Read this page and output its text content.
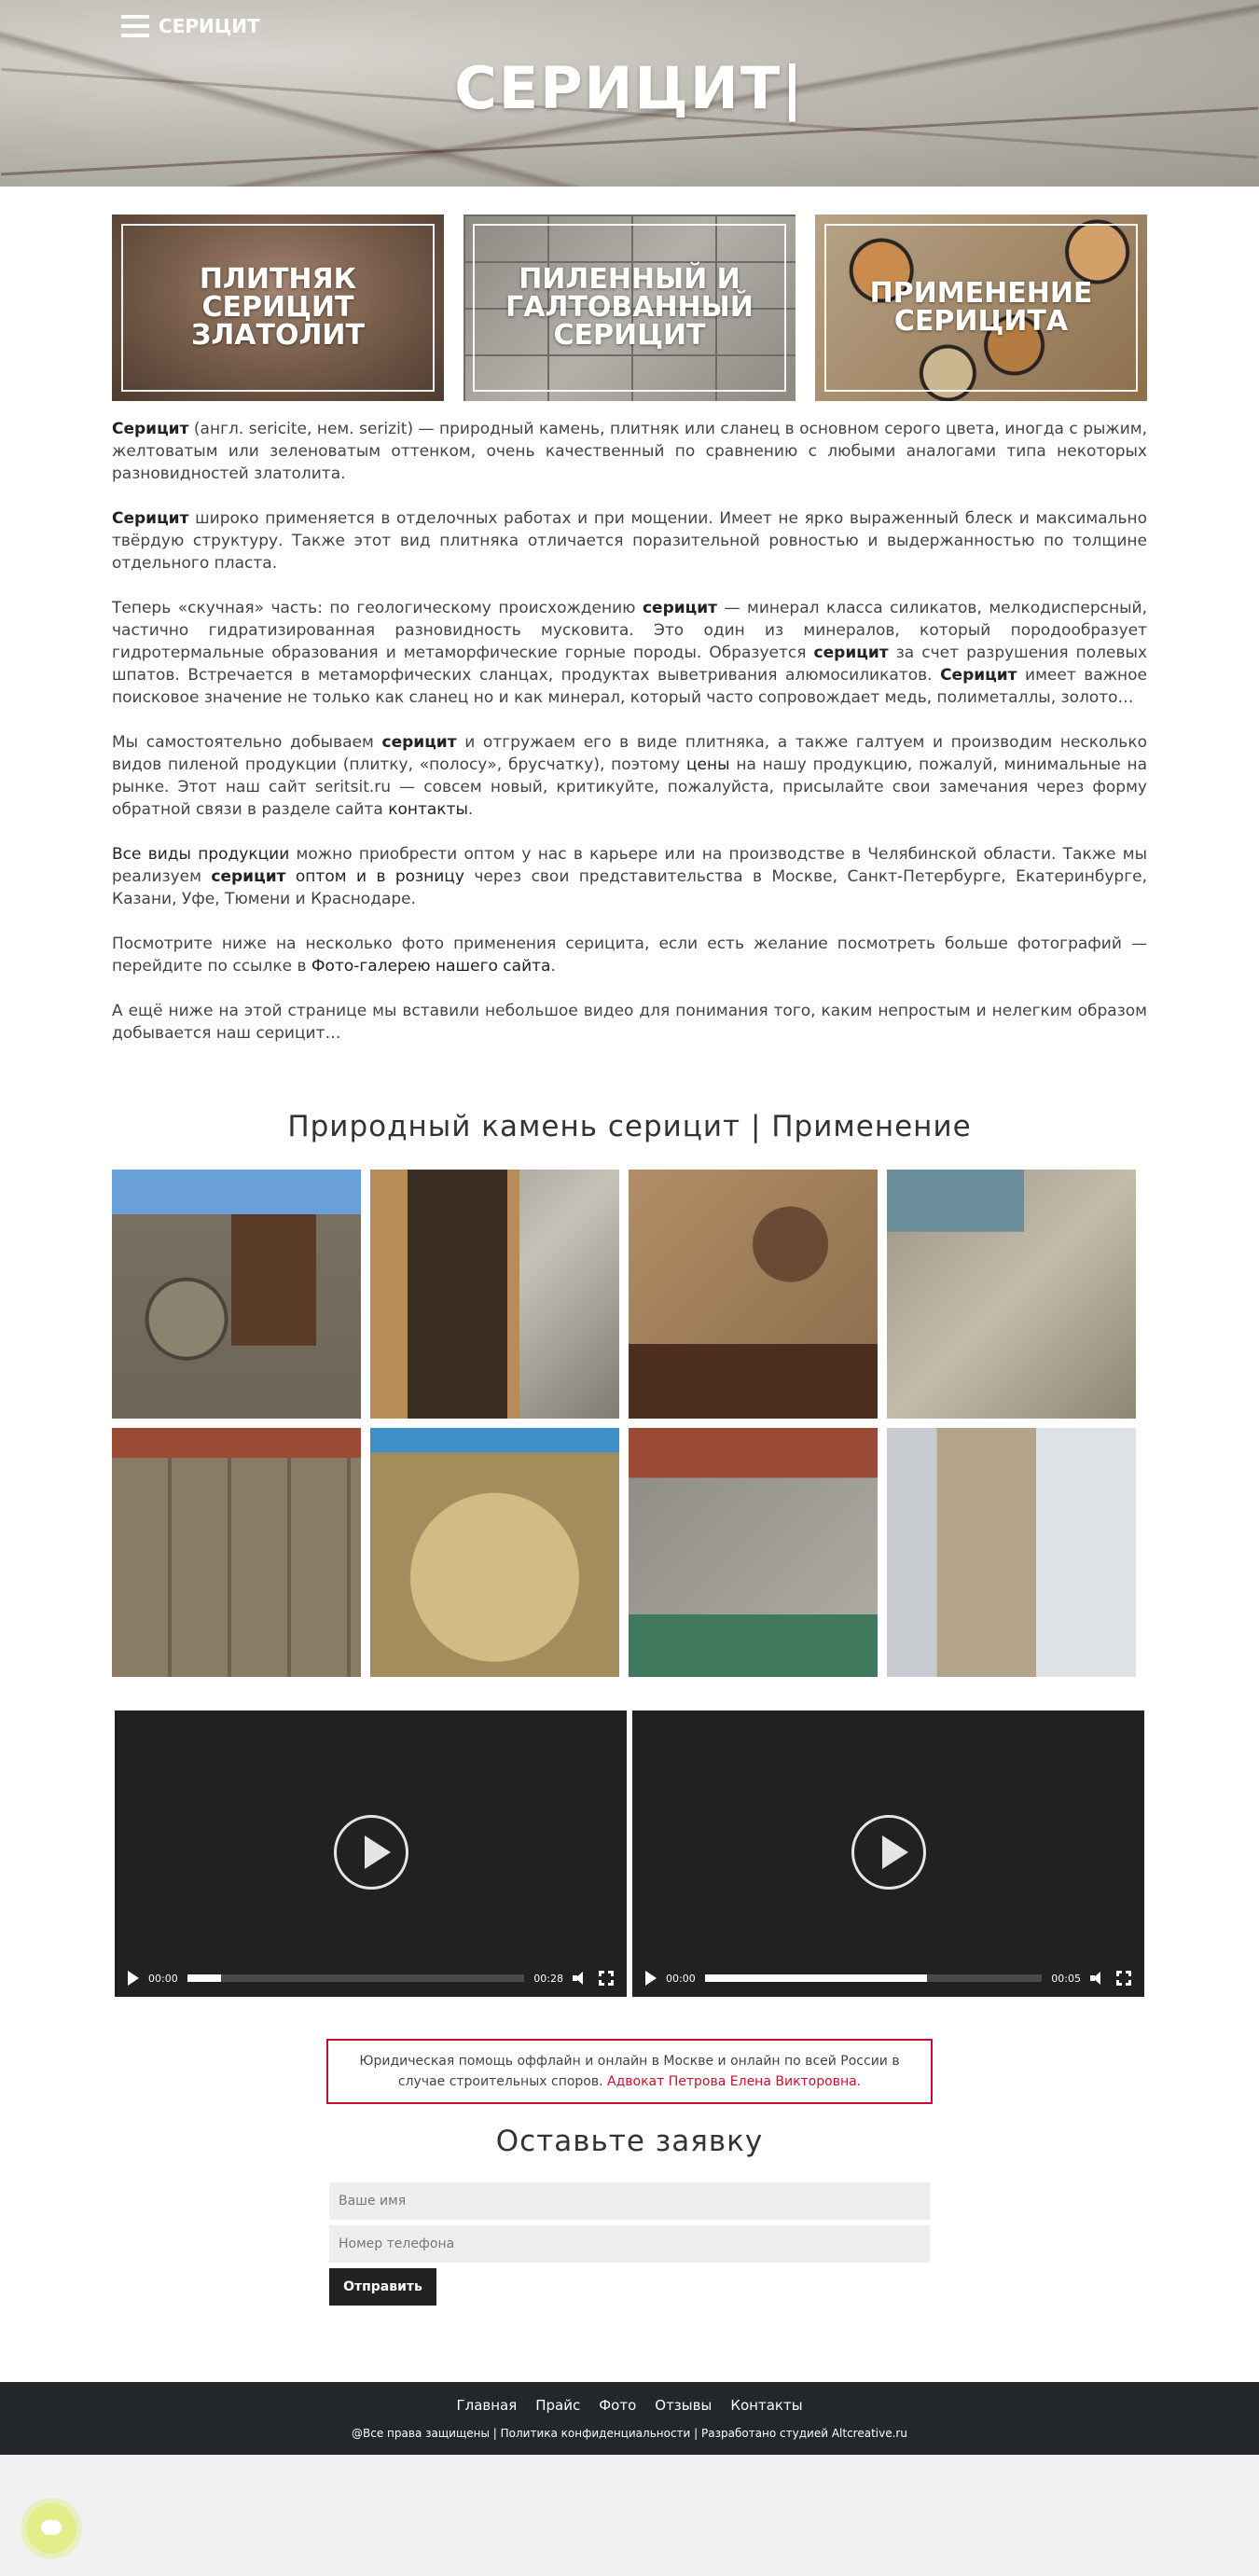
СЕРИЦИТ
СЕРИЦИТ|
ПЛИТНЯК СЕРИЦИТ ЗЛАТОЛИТ
ПИЛЕННЫЙ И ГАЛТОВАННЫЙ СЕРИЦИТ
ПРИМЕНЕНИЕ СЕРИЦИТА

Серицит (англ. sericite, нем. serizit) — природный камень, плитняк или сланец в основном серого цвета, иногда с рыжим, желтоватым или зеленоватым оттенком, очень качественный по сравнению с любыми аналогами типа некоторых разновидностей златолита.

Серицит широко применяется в отделочных работах и при мощении. Имеет не ярко выраженный блеск и максимально твёрдую структуру. Также этот вид плитняка отличается поразительной ровностью и выдержанностью по толщине отдельного пласта.

Теперь «скучная» часть: по геологическому происхождению серицит — минерал класса силикатов, мелкодисперсный, частично гидратизированная разновидность мусковита. Это один из минералов, который породообразует гидротермальные образования и метаморфические горные породы. Образуется серицит за счет разрушения полевых шпатов. Встречается в метаморфических сланцах, продуктах выветривания алюмосиликатов. Серицит имеет важное поисковое значение не только как сланец но и как минерал, который часто сопровождает медь, полиметаллы, золото…

Мы самостоятельно добываем серицит и отгружаем его в виде плитняка, а также галтуем и производим несколько видов пиленой продукции (плитку, «полосу», брусчатку), поэтому цены на нашу продукцию, пожалуй, минимальные на рынке. Этот наш сайт seritsit.ru — совсем новый, критикуйте, пожалуйста, присылайте свои замечания через форму обратной связи в разделе сайта контакты.

Все виды продукции можно приобрести оптом у нас в карьере или на производстве в Челябинской области. Также мы реализуем серицит оптом и в розницу через свои представительства в Москве, Санкт-Петербурге, Екатеринбурге, Казани, Уфе, Тюмени и Краснодаре.

Посмотрите ниже на несколько фото применения серицита, если есть желание посмотреть больше фотографий — перейдите по ссылке в Фото-галерею нашего сайта.

А ещё ниже на этой странице мы вставили небольшое видео для понимания того, каким непростым и нелегким образом добывается наш серицит…

Природный камень серицит | Применение
00:00	00:28	00:00	00:05
Юридическая помощь оффлайн и онлайн в Москве и онлайн по всей России в случае строительных споров. Адвокат Петрова Елена Викторовна.
Оставьте заявку
Ваше имя
Номер телефона Отправить
Главная Прайс Фото Отзывы Контакты
@Все права защищены | Политика конфиденциальности | Разработано студией Altcreative.ru
